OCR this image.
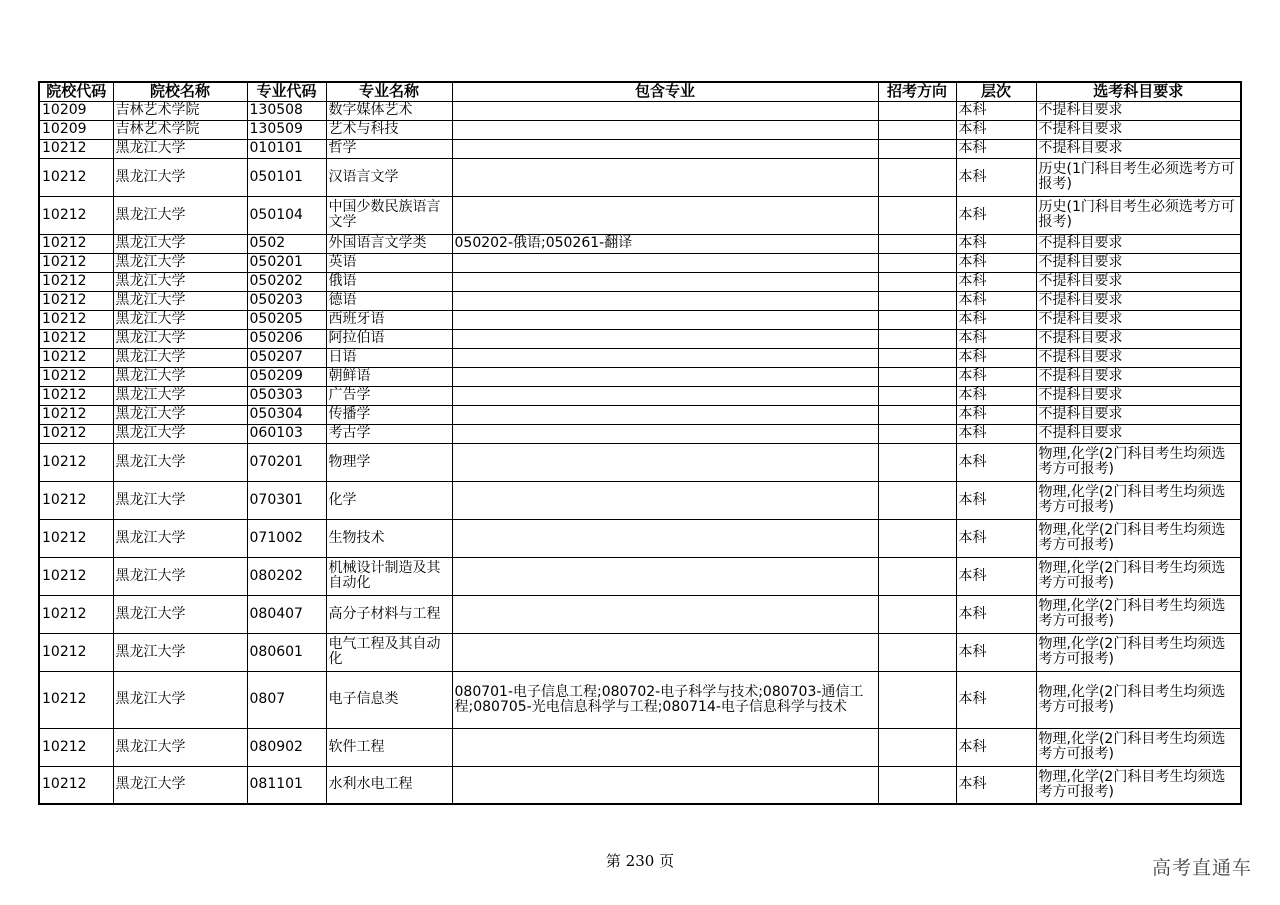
院校代码	院校名称	专业代码	专业名称	包含专业	招考方向	层次	选考科目要求
10209	吉林艺术学院	130508	数字媒体艺术			本科	不提科目要求
10209	吉林艺术学院	130509	艺术与科技			本科	不提科目要求
10212	黑龙江大学	010101	哲学			本科	不提科目要求
10212	黑龙江大学	050101	汉语言文学			本科	历史(1门科目考生必须选考方可报考)
10212	黑龙江大学	050104	中国少数民族语言文学			本科	历史(1门科目考生必须选考方可报考)
10212	黑龙江大学	0502	外国语言文学类	050202-俄语;050261-翻译		本科	不提科目要求
10212	黑龙江大学	050201	英语			本科	不提科目要求
10212	黑龙江大学	050202	俄语			本科	不提科目要求
10212	黑龙江大学	050203	德语			本科	不提科目要求
10212	黑龙江大学	050205	西班牙语			本科	不提科目要求
10212	黑龙江大学	050206	阿拉伯语			本科	不提科目要求
10212	黑龙江大学	050207	日语			本科	不提科目要求
10212	黑龙江大学	050209	朝鲜语			本科	不提科目要求
10212	黑龙江大学	050303	广告学			本科	不提科目要求
10212	黑龙江大学	050304	传播学			本科	不提科目要求
10212	黑龙江大学	060103	考古学			本科	不提科目要求
10212	黑龙江大学	070201	物理学			本科	物理,化学(2门科目考生均须选考方可报考)
10212	黑龙江大学	070301	化学			本科	物理,化学(2门科目考生均须选考方可报考)
10212	黑龙江大学	071002	生物技术			本科	物理,化学(2门科目考生均须选考方可报考)
10212	黑龙江大学	080202	机械设计制造及其自动化			本科	物理,化学(2门科目考生均须选考方可报考)
10212	黑龙江大学	080407	高分子材料与工程			本科	物理,化学(2门科目考生均须选考方可报考)
10212	黑龙江大学	080601	电气工程及其自动化			本科	物理,化学(2门科目考生均须选考方可报考)
10212	黑龙江大学	0807	电子信息类	080701-电子信息工程;080702-电子科学与技术;080703-通信工程;080705-光电信息科学与工程;080714-电子信息科学与技术		本科	物理,化学(2门科目考生均须选考方可报考)
10212	黑龙江大学	080902	软件工程			本科	物理,化学(2门科目考生均须选考方可报考)
10212	黑龙江大学	081101	水利水电工程			本科	物理,化学(2门科目考生均须选考方可报考)
第 230 页	高考直通车
